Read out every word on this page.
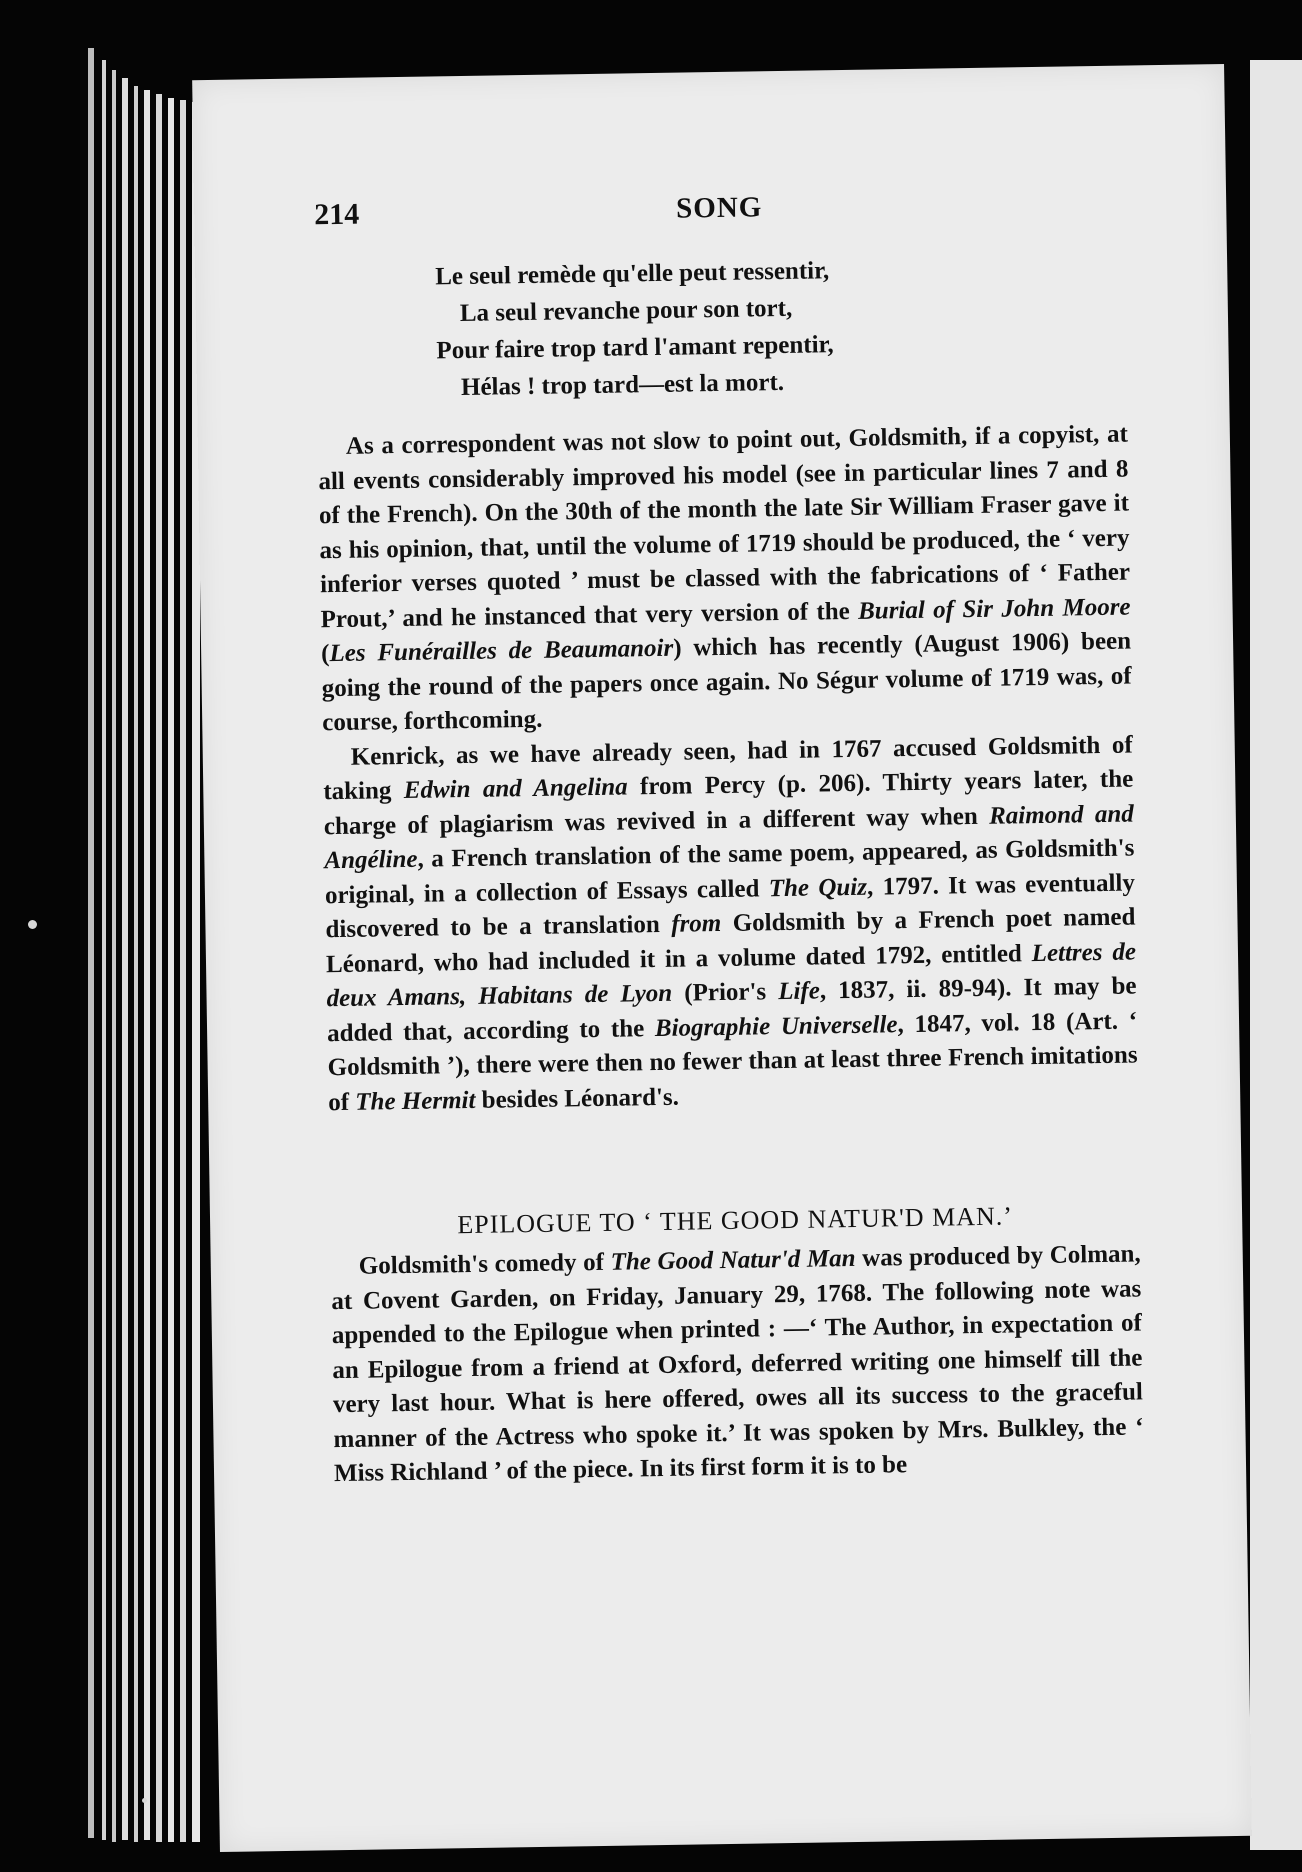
214	SONG
Le seul remède qu'elle peut ressentir,
La seul revanche pour son tort,
Pour faire trop tard l'amant repentir,
Hélas ! trop tard—est la mort.

As a correspondent was not slow to point out, Goldsmith, if a copyist, at all events considerably improved his model (see in particular lines 7 and 8 of the French). On the 30th of the month the late Sir William Fraser gave it as his opinion, that, until the volume of 1719 should be produced, the ‘ very inferior verses quoted ’ must be classed with the fabrications of ‘ Father Prout,’ and he instanced that very version of the Burial of Sir John Moore (Les Funérailles de Beaumanoir) which has recently (August 1906) been going the round of the papers once again. No Ségur volume of 1719 was, of course, forthcoming.

Kenrick, as we have already seen, had in 1767 accused Goldsmith of taking Edwin and Angelina from Percy (p. 206). Thirty years later, the charge of plagiarism was revived in a different way when Raimond and Angéline, a French translation of the same poem, appeared, as Goldsmith's original, in a collection of Essays called The Quiz, 1797. It was eventually discovered to be a translation from Goldsmith by a French poet named Léonard, who had included it in a volume dated 1792, entitled Lettres de deux Amans, Habitans de Lyon (Prior's Life, 1837, ii. 89-94). It may be added that, according to the Biographie Universelle, 1847, vol. 18 (Art. ‘ Goldsmith ’), there were then no fewer than at least three French imitations of The Hermit besides Léonard's.

EPILOGUE TO ‘ THE GOOD NATUR'D MAN.’

Goldsmith's comedy of The Good Natur'd Man was produced by Colman, at Covent Garden, on Friday, January 29, 1768. The following note was appended to the Epilogue when printed : —‘ The Author, in expectation of an Epilogue from a friend at Oxford, deferred writing one himself till the very last hour. What is here offered, owes all its success to the graceful manner of the Actress who spoke it.’ It was spoken by Mrs. Bulkley, the ‘ Miss Richland ’ of the piece. In its first form it is to be
